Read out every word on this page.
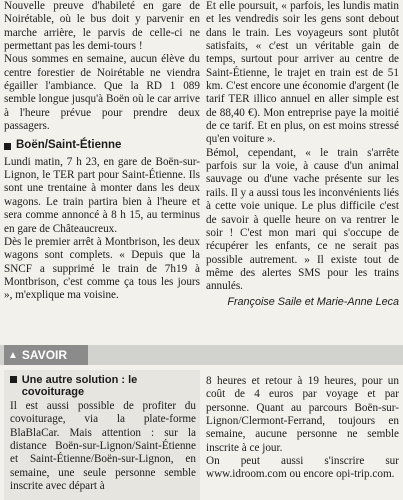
Nouvelle preuve d'habileté en gare de Noirétable, où le bus doit y parvenir en marche arrière, le parvis de celle-ci ne permettant pas les demi-tours !

Nous sommes en semaine, aucun élève du centre forestier de Noirétable ne viendra égailler l'ambiance. Que la RD 1 089 semble longue jusqu'à Boën où le car arrive à l'heure prévue pour prendre deux passagers.

Boën/Saint-Étienne

Lundi matin, 7 h 23, en gare de Boën-sur-Lignon, le TER part pour Saint-Étienne. Ils sont une trentaine à monter dans les deux wagons. Le train partira bien à l'heure et sera comme annoncé à 8 h 15, au terminus en gare de Châteaucreux.

Dès le premier arrêt à Montbrison, les deux wagons sont complets. « Depuis que la SNCF a supprimé le train de 7h19 à Montbrison, c'est comme ça tous les jours », m'explique ma voisine.

Et elle poursuit, « parfois, les lundis matin et les vendredis soir les gens sont debout dans le train. Les voyageurs sont plutôt satisfaits, « c'est un véritable gain de temps, surtout pour arriver au centre de Saint-Étienne, le trajet en train est de 51 km. C'est encore une économie d'argent (le tarif TER illico annuel en aller simple est de 88,40 €). Mon entreprise paye la moitié de ce tarif. Et en plus, on est moins stressé qu'en voiture ».

Bémol, cependant, « le train s'arrête parfois sur la voie, à cause d'un animal sauvage ou d'une vache présente sur les rails. Il y a aussi tous les inconvénients liés à cette voie unique. Le plus difficile c'est de savoir à quelle heure on va rentrer le soir ! C'est mon mari qui s'occupe de récupérer les enfants, ce ne serait pas possible autrement. » Il existe tout de même des alertes SMS pour les trains annulés.

Françoise Saile et Marie-Anne Leca
▲ SAVOIR
Une autre solution : le covoiturage

Il est aussi possible de profiter du covoiturage, via la plate-forme BlaBlaCar. Mais attention : sur la distance Boën-sur-Lignon/Saint-Étienne et Saint-Étienne/Boën-sur-Lignon, en semaine, une seule personne semble inscrite avec départ à

8 heures et retour à 19 heures, pour un coût de 4 euros par voyage et par personne. Quant au parcours Boën-sur-Lignon/Clermont-Ferrand, toujours en semaine, aucune personne ne semble inscrite à ce jour.

On peut aussi s'inscrire sur www.idroom.com ou encore opi-trip.com.
